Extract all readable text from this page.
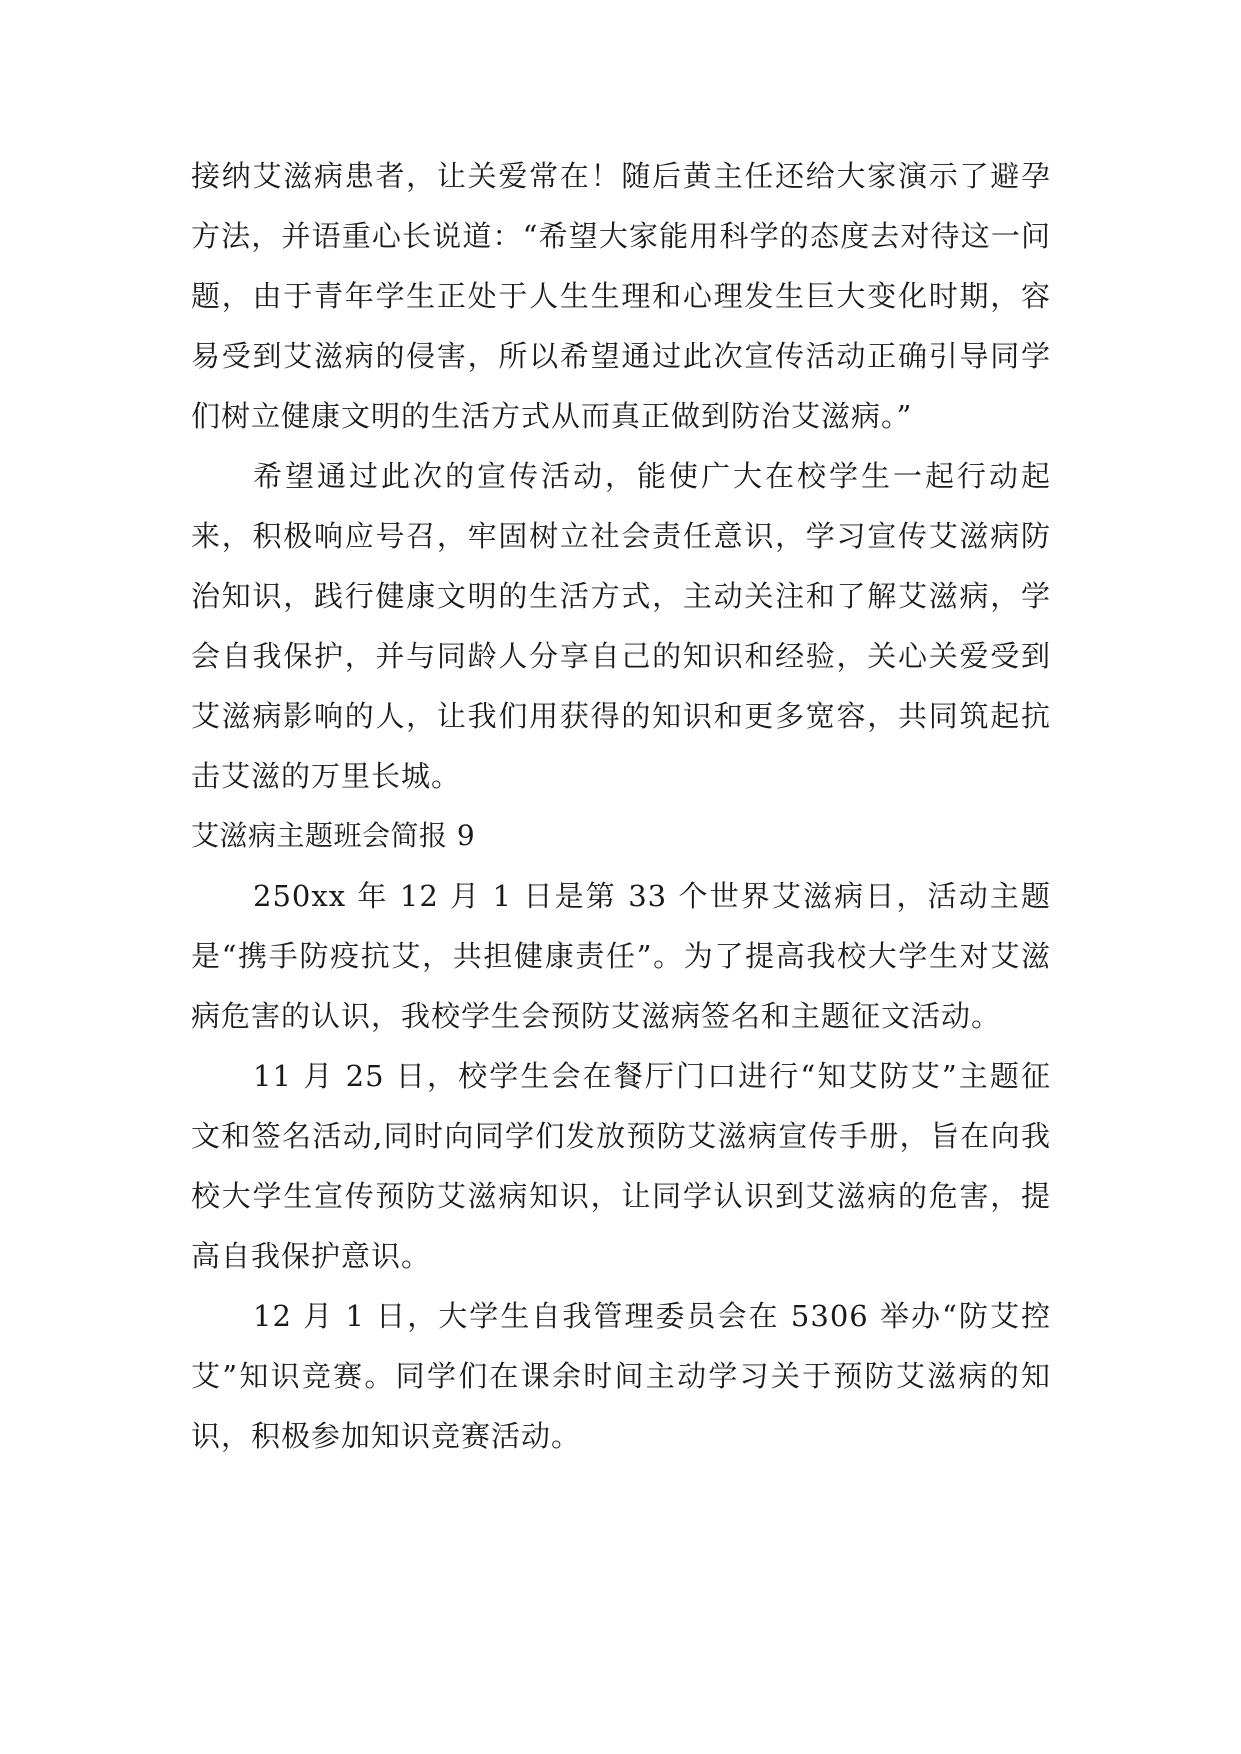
接纳艾滋病患者，让关爱常在！随后黄主任还给大家演示了避孕方法，并语重心长说道：“希望大家能用科学的态度去对待这一问题，由于青年学生正处于人生生理和心理发生巨大变化时期，容易受到艾滋病的侵害，所以希望通过此次宣传活动正确引导同学们树立健康文明的生活方式从而真正做到防治艾滋病。”

希望通过此次的宣传活动，能使广大在校学生一起行动起来，积极响应号召，牢固树立社会责任意识，学习宣传艾滋病防治知识，践行健康文明的生活方式，主动关注和了解艾滋病，学会自我保护，并与同龄人分享自己的知识和经验，关心关爱受到艾滋病影响的人，让我们用获得的知识和更多宽容，共同筑起抗击艾滋的万里长城。

艾滋病主题班会简报 9

250xx 年 12 月 1 日是第 33 个世界艾滋病日，活动主题是“携手防疫抗艾，共担健康责任”。为了提高我校大学生对艾滋病危害的认识，我校学生会预防艾滋病签名和主题征文活动。

11 月 25 日，校学生会在餐厅门口进行“知艾防艾”主题征文和签名活动,同时向同学们发放预防艾滋病宣传手册，旨在向我校大学生宣传预防艾滋病知识，让同学认识到艾滋病的危害，提高自我保护意识。

12 月 1 日，大学生自我管理委员会在 5306 举办“防艾控艾”知识竞赛。同学们在课余时间主动学习关于预防艾滋病的知识，积极参加知识竞赛活动。
